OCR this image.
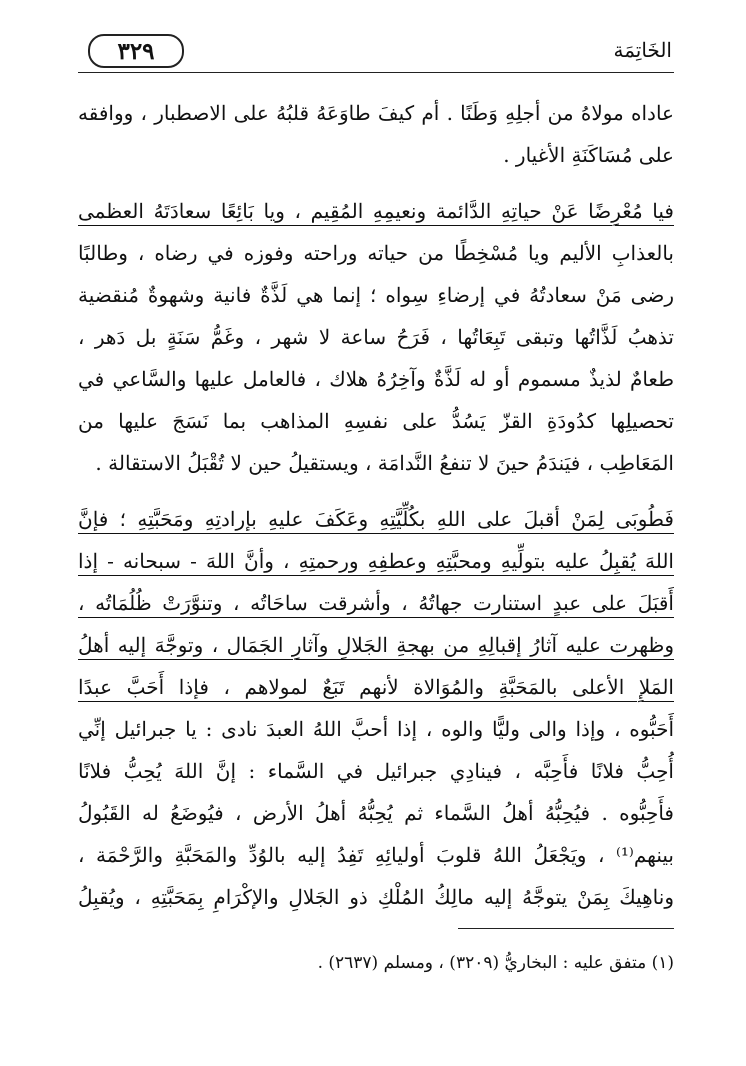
٣٢٩	الخَاتِمَة
عاداه مولاهُ من أجلِهِ وَطَنًا . أم كيفَ طاوَعَهُ قلبُهُ على الاصطبار ، ووافقه
على مُسَاكَنَةِ الأغيار .
فيا مُعْرِضًا عَنْ حياتِهِ الدَّائمة ونعيمِهِ المُقِيم ، ويا بَائِعًا سعادَتَهُ العظمى
بالعذابِ الأليم ويا مُسْخِطًا من حياته وراحته وفوزه في رضاه ، وطالبًا
رضى مَنْ سعادتُهُ في إرضاءِ سِواه ؛ إنما هي لَذَّةٌ فانية وشهوةٌ مُنقضية
تذهبُ لَذَّاتُها وتبقى تَبِعَاتُها ، فَرَحُ ساعة لا شهر ، وغَمُّ سَنَةٍ بل دَهر ،
طعامٌ لذيذٌ مسموم أو له لَذَّةٌ وآخِرُهُ هلاك ، فالعامل عليها والسَّاعي في
تحصيلِها كدُودَةِ القزّ يَسُدُّ على نفسِهِ المذاهب بما نَسَجَ عليها من
المَعَاطِب ، فيَندَمُ حينَ لا تنفعُ النَّدامَة ، ويستقيلُ حين لا تُقْبَلُ الاستقالة .
فَطُوبَى لِمَنْ أقبلَ على اللهِ بكُلِّيَّتِهِ وعَكَفَ عليهِ بإرادتِهِ ومَحَبَّتِهِ ؛ فإنَّ
اللهَ يُقبِلُ عليه بتولِّيهِ ومحبَّتِهِ وعطفِهِ ورحمتِهِ ، وأنَّ اللهَ - سبحانه - إذا
أَقبَلَ على عبدٍ استنارت جهاتُهُ ، وأشرقت ساحَاتُه ، وتنوَّرَتْ ظُلُمَاتُه ،
وظهرت عليه آثارُ إقبالِهِ من بهجةِ الجَلالِ وآثارِ الجَمَال ، وتوجَّهَ إليه أهلُ
المَلإِ الأعلى بالمَحَبَّةِ والمُوَالاة لأنهم تَبَعٌ لمولاهم ، فإذا أَحَبَّ عبدًا
أَحَبُّوه ، وإذا والى وليًّا والوه ، إذا أحبَّ اللهُ العبدَ نادى : يا جبرائيل إنِّي
أُحِبُّ فلانًا فأَحِبَّه ، فينادِي جبرائيل في السَّماء : إنَّ اللهَ يُحِبُّ فلانًا
فأَحِبُّوه . فيُحِبُّهُ أهلُ السَّماء ثم يُحِبُّهُ أهلُ الأرض ، فيُوضَعُ له القَبُولُ
بينهم⁽¹⁾ ، ويَجْعَلُ اللهُ قلوبَ أوليائِهِ تَفِدُ إليه بالوُدِّ والمَحَبَّةِ والرَّحْمَة ،
وناهِيكَ بِمَنْ يتوجَّهُ إليه مالِكُ المُلْكِ ذو الجَلالِ والإكْرَامِ بِمَحَبَّتِهِ ، ويُقبِلُ
(١) متفق عليه : البخاريُّ (٣٢٠٩) ، ومسلم (٢٦٣٧) .
